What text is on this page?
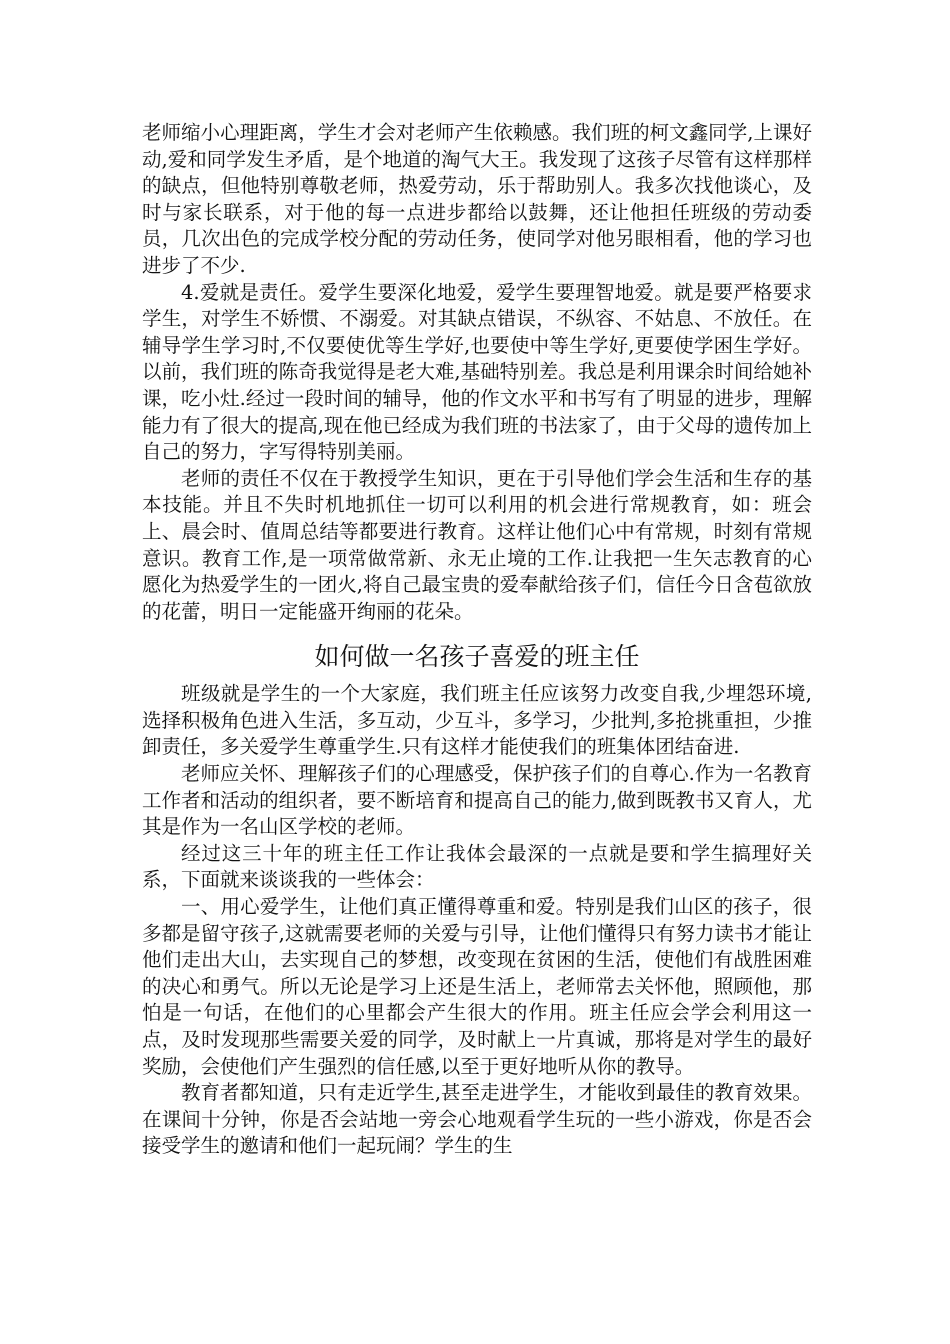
老师缩小心理距离，学生才会对老师产生依赖感。我们班的柯文鑫同学,上课好动,爱和同学发生矛盾，是个地道的淘气大王。我发现了这孩子尽管有这样那样的缺点，但他特别尊敬老师，热爱劳动，乐于帮助别人。我多次找他谈心，及时与家长联系，对于他的每一点进步都给以鼓舞，还让他担任班级的劳动委员，几次出色的完成学校分配的劳动任务，使同学对他另眼相看，他的学习也进步了不少.

4.爱就是责任。爱学生要深化地爱，爱学生要理智地爱。就是要严格要求学生，对学生不娇惯、不溺爱。对其缺点错误，不纵容、不姑息、不放任。在辅导学生学习时,不仅要使优等生学好,也要使中等生学好,更要使学困生学好。以前，我们班的陈奇我觉得是老大难,基础特别差。我总是利用课余时间给她补课，吃小灶.经过一段时间的辅导，他的作文水平和书写有了明显的进步，理解能力有了很大的提高,现在他已经成为我们班的书法家了，由于父母的遗传加上自己的努力，字写得特别美丽。

老师的责任不仅在于教授学生知识，更在于引导他们学会生活和生存的基本技能。并且不失时机地抓住一切可以利用的机会进行常规教育，如：班会上、晨会时、值周总结等都要进行教育。这样让他们心中有常规，时刻有常规意识。教育工作,是一项常做常新、永无止境的工作.让我把一生矢志教育的心愿化为热爱学生的一团火,将自己最宝贵的爱奉献给孩子们，信任今日含苞欲放的花蕾，明日一定能盛开绚丽的花朵。

如何做一名孩子喜爱的班主任

班级就是学生的一个大家庭，我们班主任应该努力改变自我,少埋怨环境,选择积极角色进入生活，多互动，少互斗，多学习，少批判,多抢挑重担，少推卸责任，多关爱学生尊重学生.只有这样才能使我们的班集体团结奋进.

老师应关怀、理解孩子们的心理感受，保护孩子们的自尊心.作为一名教育工作者和活动的组织者，要不断培育和提高自己的能力,做到既教书又育人，尤其是作为一名山区学校的老师。

经过这三十年的班主任工作让我体会最深的一点就是要和学生搞理好关系，下面就来谈谈我的一些体会：

一、用心爱学生，让他们真正懂得尊重和爱。特别是我们山区的孩子，很多都是留守孩子,这就需要老师的关爱与引导，让他们懂得只有努力读书才能让他们走出大山，去实现自己的梦想，改变现在贫困的生活，使他们有战胜困难的决心和勇气。所以无论是学习上还是生活上，老师常去关怀他，照顾他，那怕是一句话，在他们的心里都会产生很大的作用。班主任应会学会利用这一点，及时发现那些需要关爱的同学，及时献上一片真诚，那将是对学生的最好奖励，会使他们产生强烈的信任感,以至于更好地听从你的教导。

教育者都知道，只有走近学生,甚至走进学生，才能收到最佳的教育效果。在课间十分钟，你是否会站地一旁会心地观看学生玩的一些小游戏，你是否会接受学生的邀请和他们一起玩闹？学生的生
